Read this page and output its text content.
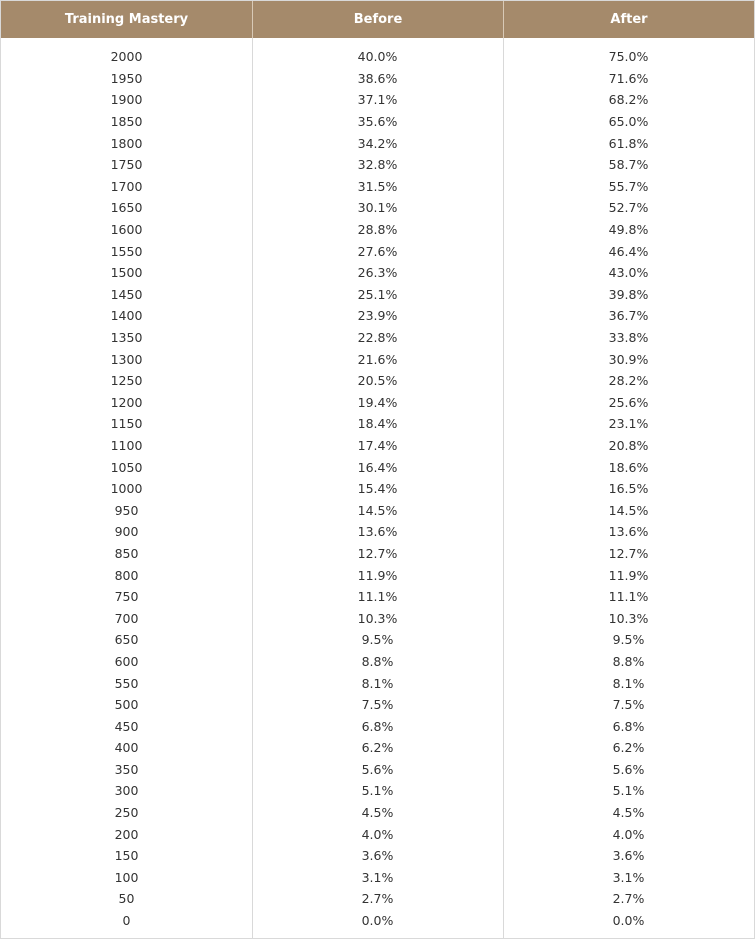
Training Mastery	Before	After
2000	40.0%	75.0%
1950	38.6%	71.6%
1900	37.1%	68.2%
1850	35.6%	65.0%
1800	34.2%	61.8%
1750	32.8%	58.7%
1700	31.5%	55.7%
1650	30.1%	52.7%
1600	28.8%	49.8%
1550	27.6%	46.4%
1500	26.3%	43.0%
1450	25.1%	39.8%
1400	23.9%	36.7%
1350	22.8%	33.8%
1300	21.6%	30.9%
1250	20.5%	28.2%
1200	19.4%	25.6%
1150	18.4%	23.1%
1100	17.4%	20.8%
1050	16.4%	18.6%
1000	15.4%	16.5%
950	14.5%	14.5%
900	13.6%	13.6%
850	12.7%	12.7%
800	11.9%	11.9%
750	11.1%	11.1%
700	10.3%	10.3%
650	9.5%	9.5%
600	8.8%	8.8%
550	8.1%	8.1%
500	7.5%	7.5%
450	6.8%	6.8%
400	6.2%	6.2%
350	5.6%	5.6%
300	5.1%	5.1%
250	4.5%	4.5%
200	4.0%	4.0%
150	3.6%	3.6%
100	3.1%	3.1%
50	2.7%	2.7%
0	0.0%	0.0%
